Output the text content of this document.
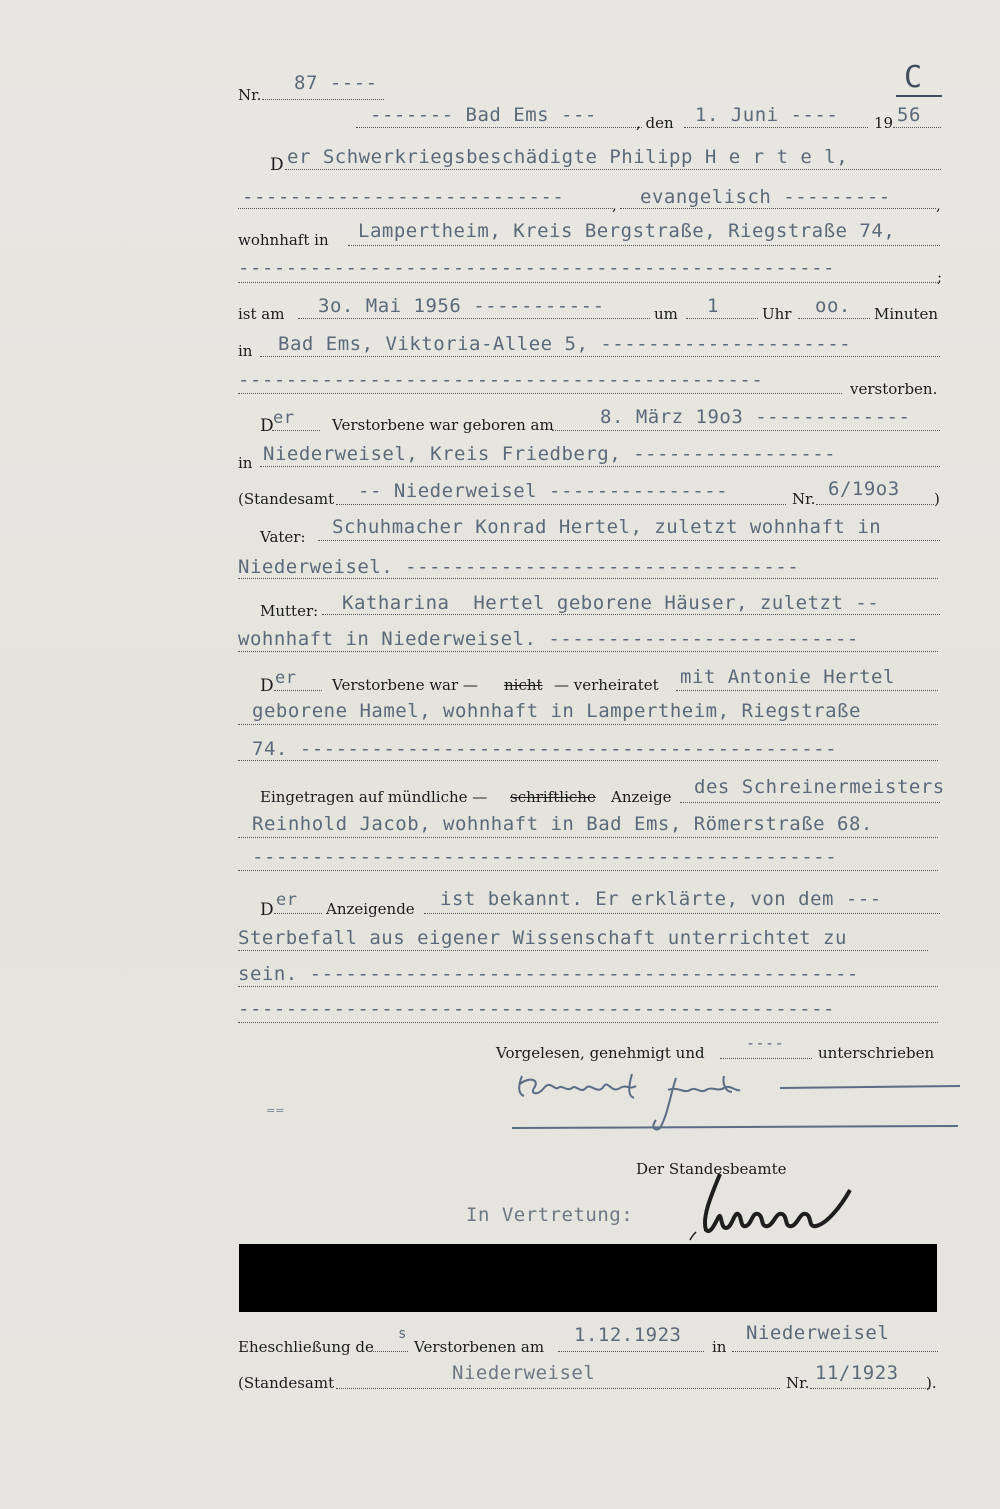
Nr.
87 ----	C
------- Bad Ems ---	, den 1. Juni ---- 19 56
D er Schwerkriegsbeschädigte Philipp H e r t e l,
---------------------------	, evangelisch ---------	,
wohnhaft in Lampertheim, Kreis Bergstraße, Riegstraße 74,
--------------------------------------------------	;
ist am 3o. Mai 1956 -----------	um 1	Uhr oo. Minuten
in Bad Ems, Viktoria-Allee 5, ---------------------
--------------------------------------------	verstorben.
D er	Verstorbene war geboren am 8. März 19o3 -------------
in Niederweisel, Kreis Friedberg, -----------------
(Standesamt -- Niederweisel ---------------	Nr. 6/19o3 )
Vater: Schuhmacher Konrad Hertel, zuletzt wohnhaft in
Niederweisel. ---------------------------------
Mutter: Katharina  Hertel geborene Häuser, zuletzt --
wohnhaft in Niederweisel. --------------------------
D er Verstorbene war — nicht — verheiratet mit Antonie Hertel
geborene Hamel, wohnhaft in Lampertheim, Riegstraße
74. ---------------------------------------------
Eingetragen auf mündliche — schriftliche Anzeige des Schreinermeisters
Reinhold Jacob, wohnhaft in Bad Ems, Römerstraße 68.
-------------------------------------------------
D er Anzeigende ist bekannt. Er erklärte, von dem ---
Sterbefall aus eigener Wissenschaft unterrichtet zu
sein. ----------------------------------------------
--------------------------------------------------
Vorgelesen, genehmigt und
----
unterschrieben
==
Der Standesbeamte
In Vertretung:
Eheschließung de
s
Verstorbenen am
1.12.1923
in
Niederweisel
(Standesamt	Niederweisel	Nr. 11/1923 ).
